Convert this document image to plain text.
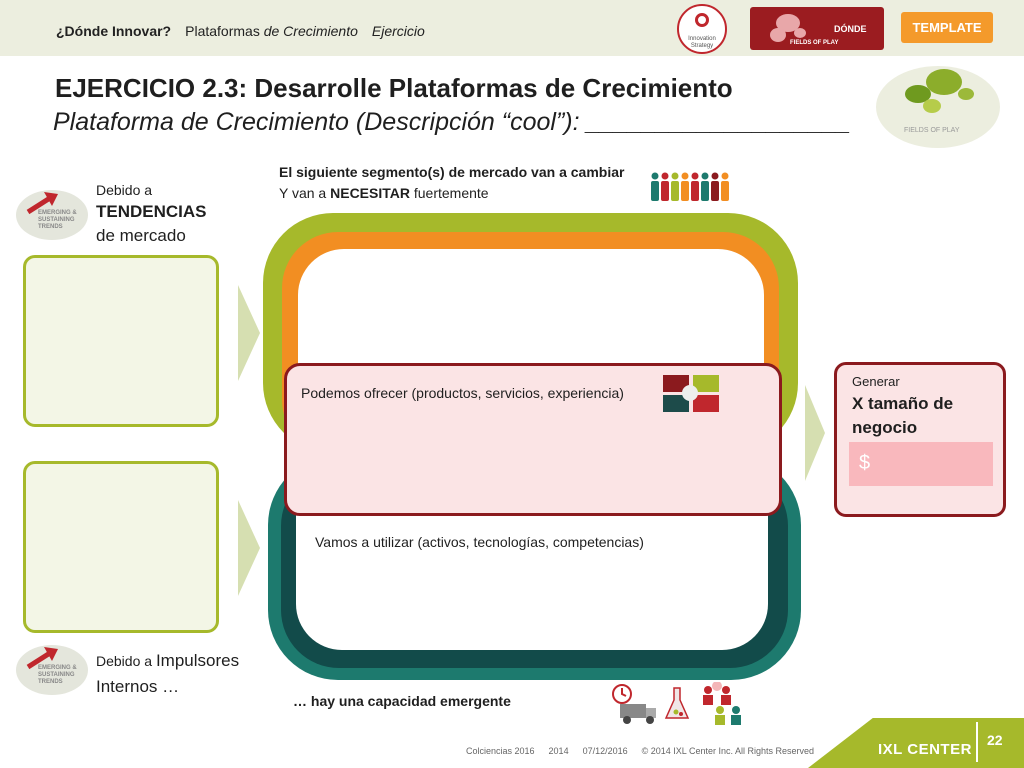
¿Dónde Innovar? Plataformas de Crecimiento Ejercicio	Innovation Strategy
DÓNDE
FIELDS OF PLAY
TEMPLATE
EJERCICIO 2.3: Desarrolle Plataformas de Crecimiento
Plataforma de Crecimiento (Descripción “cool”): ___________________	FIELDS OF PLAY
EMERGING & SUSTAINING TRENDS
Debido a
TENDENCIAS
de mercado
EMERGING & SUSTAINING TRENDS
Debido a Impulsores
Internos …
El siguiente segmento(s) de mercado van a cambiar
Y van a NECESITAR fuertemente
Podemos ofrecer (productos, servicios, experiencia)
Vamos a utilizar (activos, tecnologías, competencias)
… hay una capacidad emergente
Generar
X tamaño de negocio
$
Colciencias 2016 2014 07/12/2016 © 2014 IXL Center Inc. All Rights Reserved	IXL CENTER
22
